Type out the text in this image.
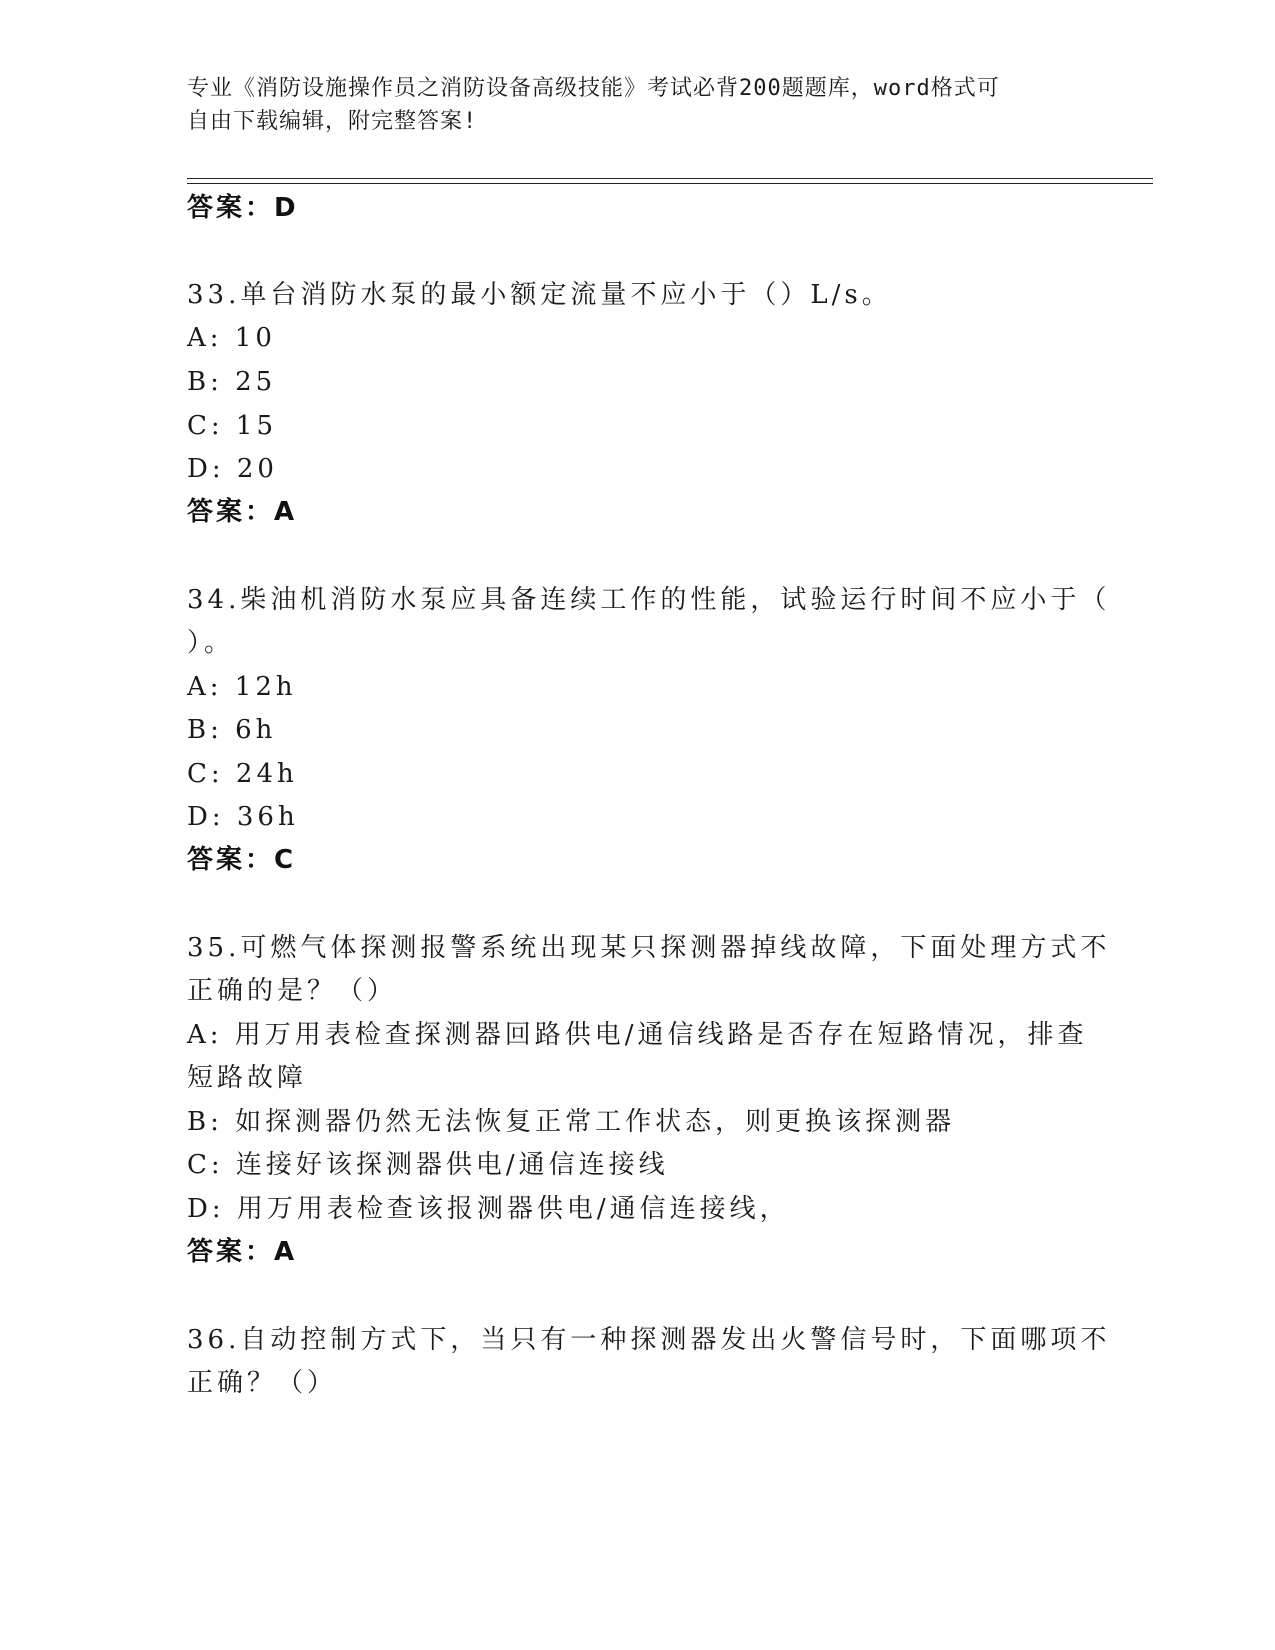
专业《消防设施操作员之消防设备高级技能》考试必背200题题库，word格式可
自由下载编辑，附完整答案!
答案：D
33.单台消防水泵的最小额定流量不应小于（）L/s。
A: 10
B: 25
C: 15
D: 20
答案：A
34.柴油机消防水泵应具备连续工作的性能，试验运行时间不应小于（
）。
A: 12h
B: 6h
C: 24h
D: 36h
答案：C
35.可燃气体探测报警系统出现某只探测器掉线故障，下面处理方式不
正确的是？（）
A: 用万用表检查探测器回路供电/通信线路是否存在短路情况，排查
短路故障
B: 如探测器仍然无法恢复正常工作状态，则更换该探测器
C: 连接好该探测器供电/通信连接线
D: 用万用表检查该报测器供电/通信连接线，
答案：A
36.自动控制方式下，当只有一种探测器发出火警信号时，下面哪项不
正确？（）
